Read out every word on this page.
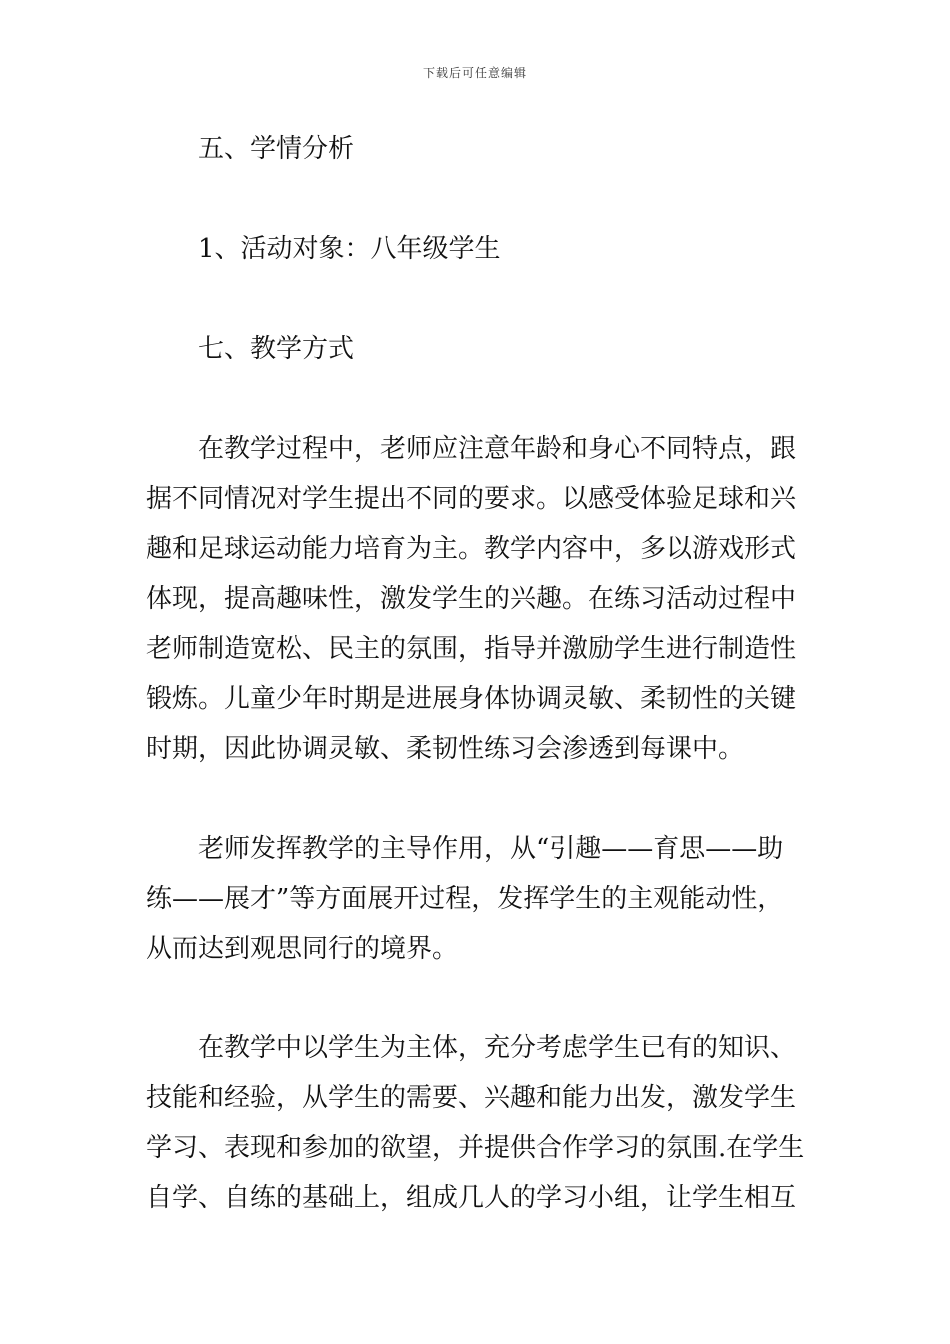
下载后可任意编辑
五、学情分析
1、活动对象：八年级学生
七、教学方式
在教学过程中，老师应注意年龄和身心不同特点，跟
据不同情况对学生提出不同的要求。以感受体验足球和兴
趣和足球运动能力培育为主。教学内容中，多以游戏形式
体现，提高趣味性，激发学生的兴趣。在练习活动过程中
老师制造宽松、民主的氛围，指导并激励学生进行制造性
锻炼。儿童少年时期是进展身体协调灵敏、柔韧性的关键
时期，因此协调灵敏、柔韧性练习会渗透到每课中。
老师发挥教学的主导作用，从“引趣——育思——助
练——展才”等方面展开过程，发挥学生的主观能动性，
从而达到观思同行的境界。
在教学中以学生为主体，充分考虑学生已有的知识、
技能和经验，从学生的需要、兴趣和能力出发，激发学生
学习、表现和参加的欲望，并提供合作学习的氛围.在学生
自学、自练的基础上，组成几人的学习小组，让学生相互
